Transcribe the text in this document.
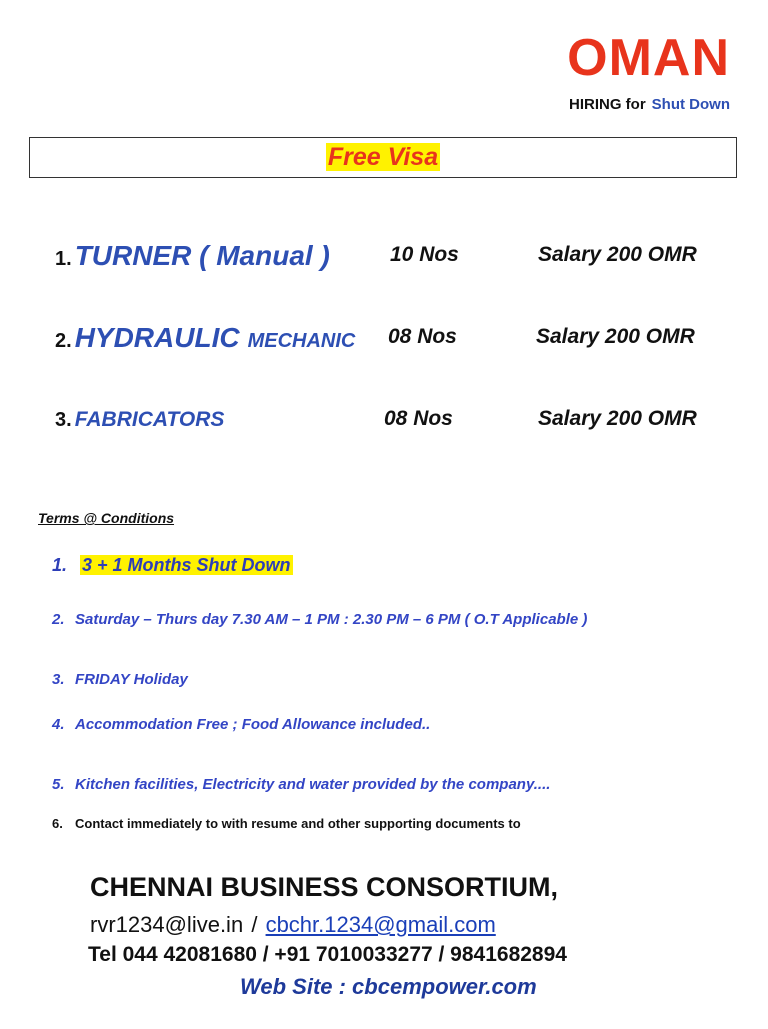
OMAN
HIRING for Shut Down
Free Visa
1. TURNER ( Manual )	10 Nos	Salary 200 OMR
2. HYDRAULIC MECHANIC 08 Nos	Salary 200 OMR
3. FABRICATORS	08 Nos	Salary 200 OMR
Terms @ Conditions
1. 3 + 1 Months Shut Down
2. Saturday – Thurs day 7.30 AM – 1 PM : 2.30 PM – 6 PM ( O.T Applicable )
3. FRIDAY Holiday
4. Accommodation Free ; Food Allowance included..
5. Kitchen facilities, Electricity and water provided by the company....
6. Contact immediately to with resume and other supporting documents to
CHENNAI BUSINESS CONSORTIUM,
rvr1234@live.in / cbchr.1234@gmail.com
Tel 044 42081680 / +91 7010033277 / 9841682894
Web Site : cbcempower.com
